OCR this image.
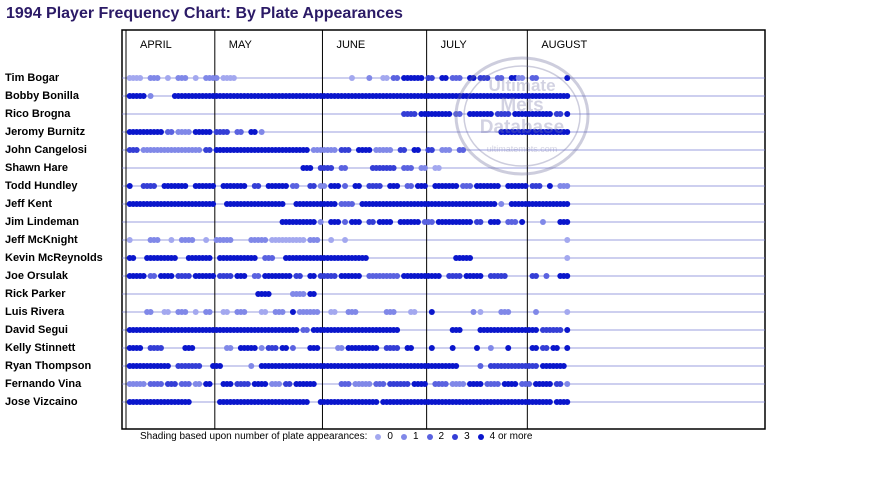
1994 Player Frequency Chart: By Plate Appearances
Tim Bogar
Bobby Bonilla
Rico Brogna
Jeromy Burnitz
John Cangelosi
Shawn Hare
Todd Hundley
Jeff Kent
Jim Lindeman
Jeff McKnight
Kevin McReynolds
Joe Orsulak
Rick Parker
Luis Rivera
David Segui
Kelly Stinnett
Ryan Thompson
Fernando Vina
Jose Vizcaino
APRIL	MAY	JUNE	JULY	AUGUST
Ultimate
Mets
Database
ultimatemets.com
Shading based upon number of plate appearances: 0 1 2 3 4 or more
